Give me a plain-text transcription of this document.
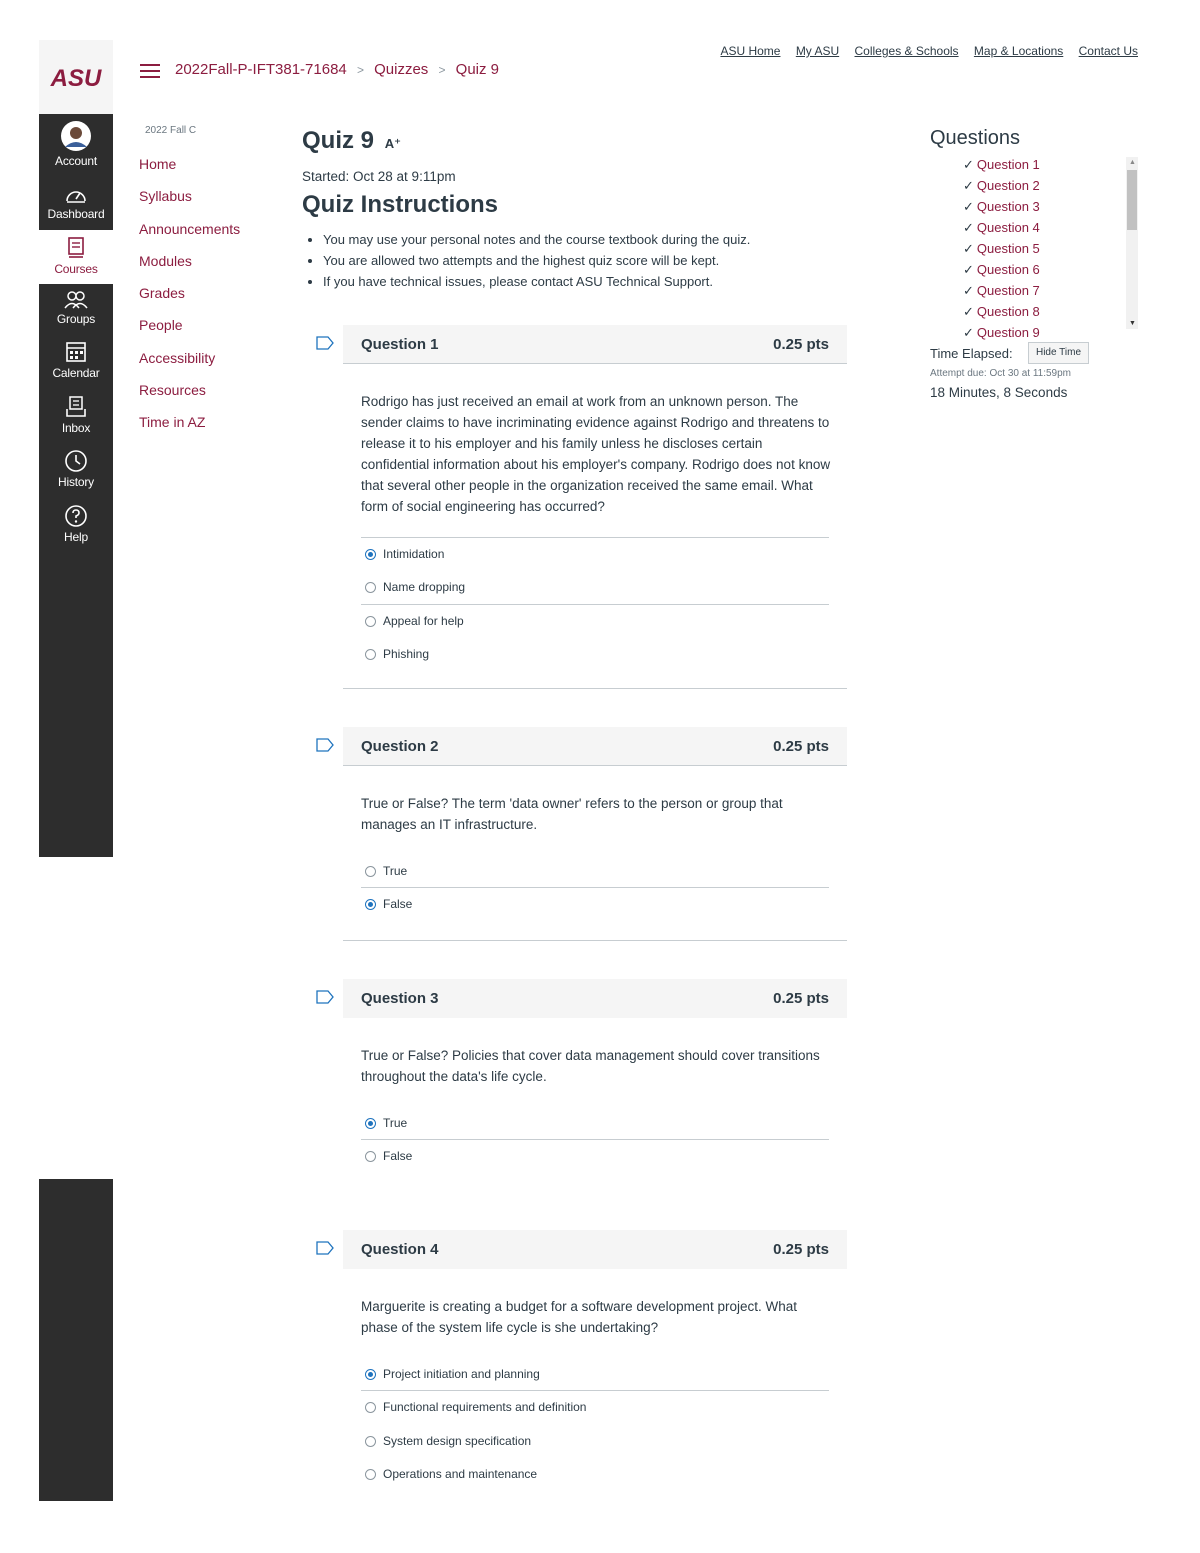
ASU
Account
Dashboard
Courses
Groups
Calendar
Inbox
History
Help
2022Fall-P-IFT381-71684 > Quizzes > Quiz 9
ASU Home My ASU Colleges & Schools Map & Locations Contact Us
2022 Fall C
Home
Syllabus
Announcements
Modules
Grades
People
Accessibility
Resources
Time in AZ
Quiz 9 A⁺
Started: Oct 28 at 9:11pm
Quiz Instructions
• You may use your personal notes and the course textbook during the quiz.
• You are allowed two attempts and the highest quiz score will be kept.
• If you have technical issues, please contact ASU Technical Support.
Question 1	0.25 pts
Rodrigo has just received an email at work from an unknown person. The sender claims to have incriminating evidence against Rodrigo and threatens to release it to his employer and his family unless he discloses certain confidential information about his employer's company. Rodrigo does not know that several other people in the organization received the same email. What form of social engineering has occurred?
Intimidation
Name dropping
Appeal for help
Phishing
Question 2	0.25 pts
True or False? The term 'data owner' refers to the person or group that manages an IT infrastructure.
True
False
Question 3	0.25 pts
True or False? Policies that cover data management should cover transitions throughout the data's life cycle.
True
False
Question 4	0.25 pts
Marguerite is creating a budget for a software development project. What phase of the system life cycle is she undertaking?
Project initiation and planning
Functional requirements and definition
System design specification
Operations and maintenance
Questions
✓ Question 1
✓ Question 2
✓ Question 3
✓ Question 4
✓ Question 5
✓ Question 6
✓ Question 7
✓ Question 8
✓ Question 9
▲
▼
Time Elapsed:	Hide Time
Attempt due: Oct 30 at 11:59pm
18 Minutes, 8 Seconds
